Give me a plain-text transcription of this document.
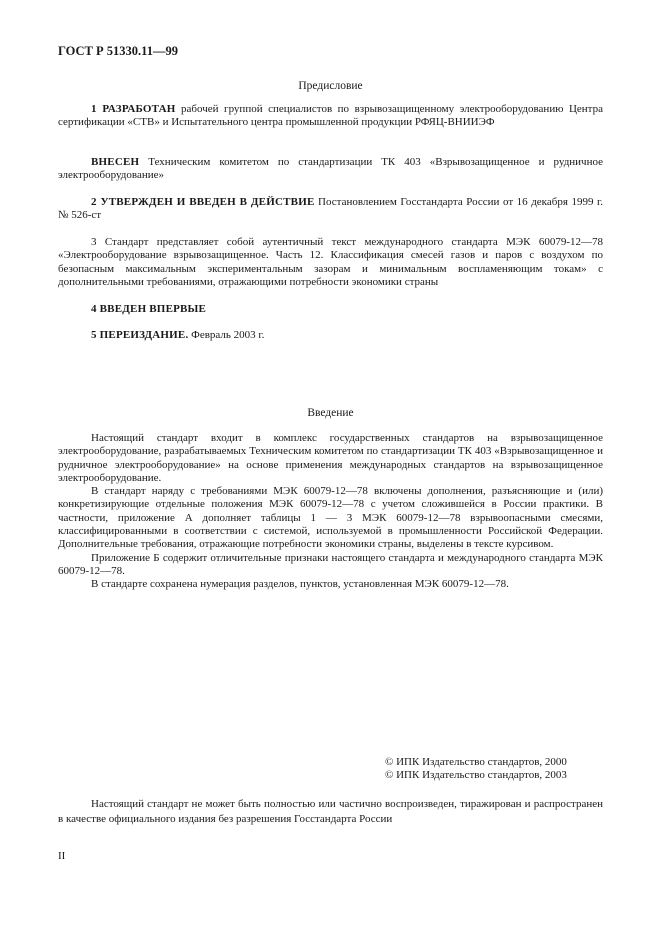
ГОСТ Р 51330.11—99
Предисловие

1 РАЗРАБОТАН рабочей группой специалистов по взрывозащищенному электрооборудованию Центра сертификации «СТВ» и Испытательного центра промышленной продукции РФЯЦ-ВНИИЭФ

ВНЕСЕН Техническим комитетом по стандартизации ТК 403 «Взрывозащищенное и рудничное электрооборудование»

2 УТВЕРЖДЕН И ВВЕДЕН В ДЕЙСТВИЕ Постановлением Госстандарта России от 16 декабря 1999 г. № 526-ст

3 Стандарт представляет собой аутентичный текст международного стандарта МЭК 60079-12—78 «Электрооборудование взрывозащищенное. Часть 12. Классификация смесей газов и паров с воздухом по безопасным максимальным экспериментальным зазорам и минимальным воспламеняющим токам» с дополнительными требованиями, отражающими потребности экономики страны

4 ВВЕДЕН ВПЕРВЫЕ

5 ПЕРЕИЗДАНИЕ. Февраль 2003 г.

Введение

Настоящий стандарт входит в комплекс государственных стандартов на взрывозащищенное электрооборудование, разрабатываемых Техническим комитетом по стандартизации ТК 403 «Взрывозащищенное и рудничное электрооборудование» на основе применения международных стандартов на взрывозащищенное электрооборудование.

В стандарт наряду с требованиями МЭК 60079-12—78 включены дополнения, разъясняющие и (или) конкретизирующие отдельные положения МЭК 60079-12—78 с учетом сложившейся в России практики. В частности, приложение А дополняет таблицы 1 — 3 МЭК 60079-12—78 взрывоопасными смесями, классифицированными в соответствии с системой, используемой в промышленности Российской Федерации. Дополнительные требования, отражающие потребности экономики страны, выделены в тексте курсивом.

Приложение Б содержит отличительные признаки настоящего стандарта и международного стандарта МЭК 60079-12—78.

В стандарте сохранена нумерация разделов, пунктов, установленная МЭК 60079-12—78.

© ИПК Издательство стандартов, 2000
© ИПК Издательство стандартов, 2003

Настоящий стандарт не может быть полностью или частично воспроизведен, тиражирован и распространен в качестве официального издания без разрешения Госстандарта России

II
